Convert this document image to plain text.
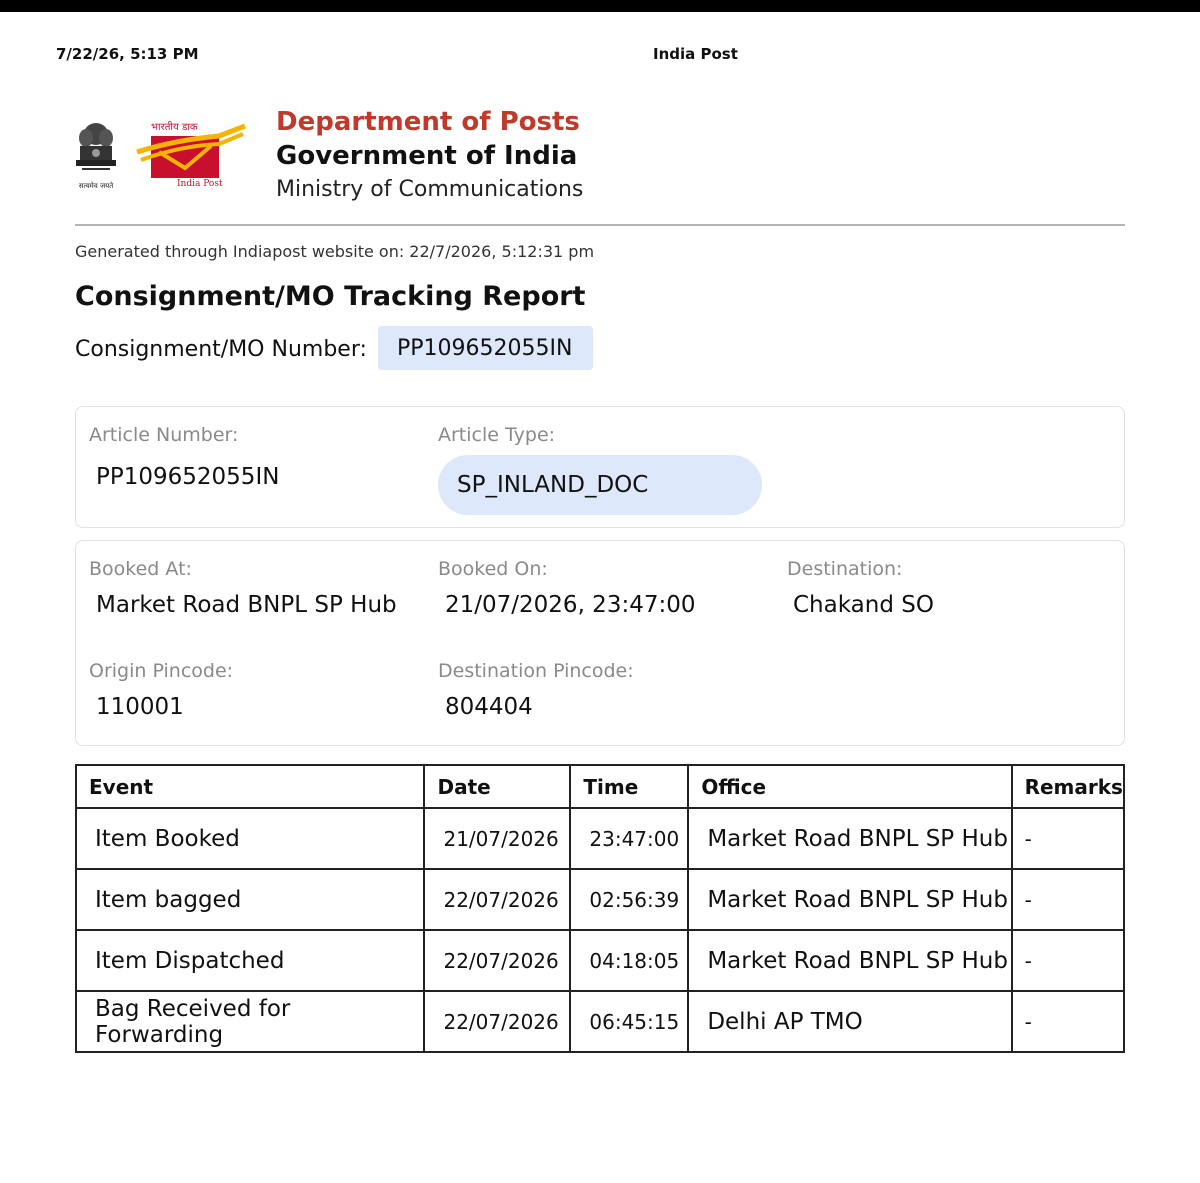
7/22/26, 5:13 PM	India Post
सत्यमेव जयते
भारतीय डाक
India Post
Department of Posts
Government of India
Ministry of Communications
Generated through Indiapost website on: 22/7/2026, 5:12:31 pm
Consignment/MO Tracking Report
Consignment/MO Number:	PP109652055IN
Article Number:
PP109652055IN
Article Type:
SP_INLAND_DOC
Booked At:
Market Road BNPL SP Hub
Booked On:
21/07/2026, 23:47:00
Destination:
Chakand SO
Origin Pincode:
110001
Destination Pincode:
804404
Event	Date	Time	Office	Remarks
Item Booked	21/07/2026	23:47:00	Market Road BNPL SP Hub	-
Item bagged	22/07/2026	02:56:39	Market Road BNPL SP Hub	-
Item Dispatched	22/07/2026	04:18:05	Market Road BNPL SP Hub	-
Bag Received for Forwarding	22/07/2026	06:45:15	Delhi AP TMO	-
